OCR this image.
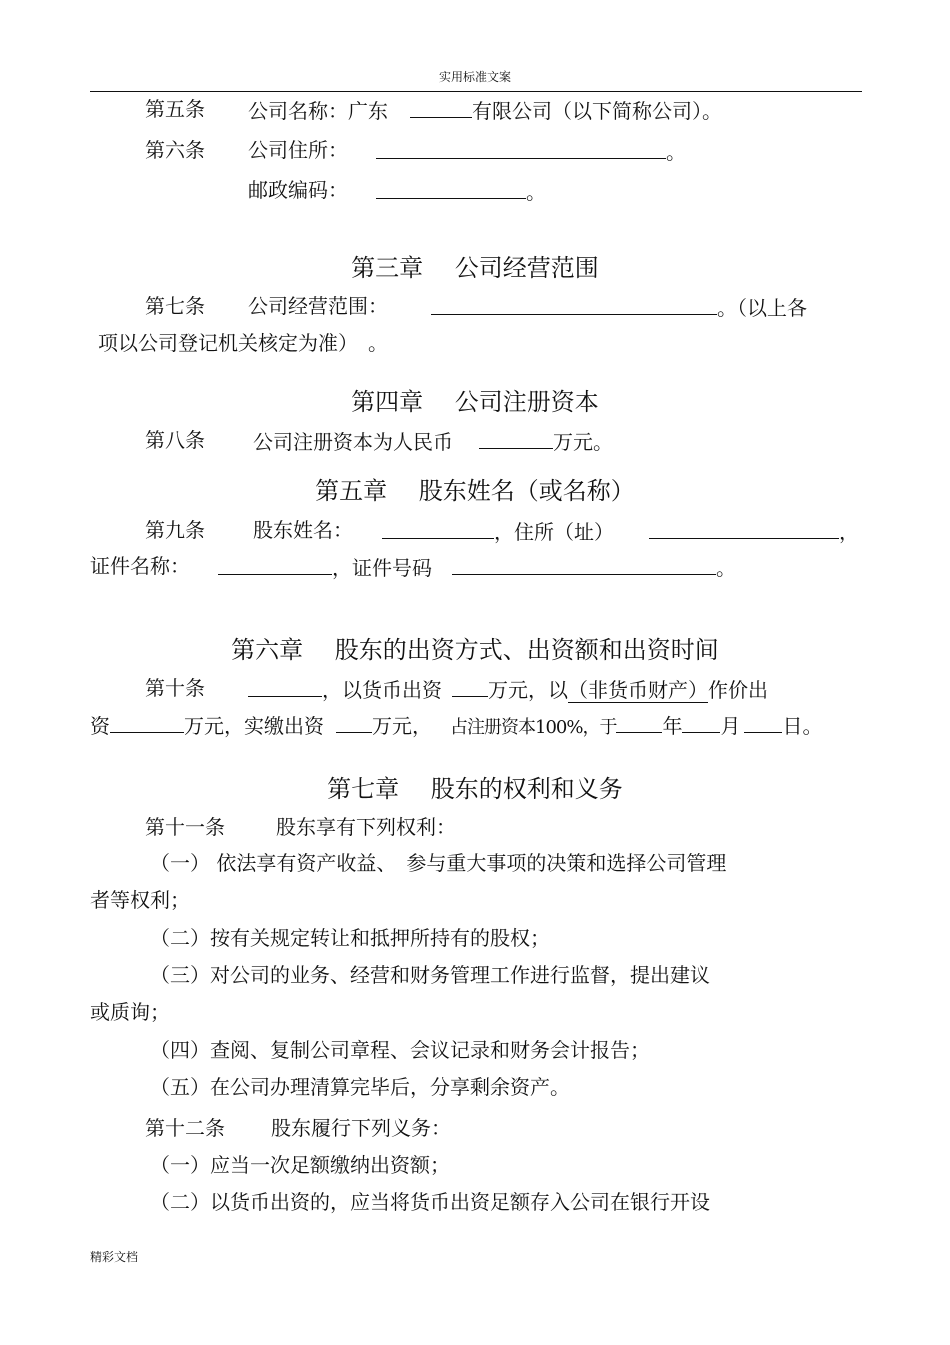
实用标准文案
第五条 公司名称：广东	有限公司（以下简称公司）。
第六条 公司住所：	。
邮政编码：	。
第三章　 公司经营范围
第七条 公司经营范围：	。（以上各
项以公司登记机关核定为准）　。
第四章　 公司注册资本
第八条 公司注册资本为人民币	万元。
第五章　 股东姓名（或名称）
第九条 股东姓名：	，住所（址）	，
证件名称：	，证件号码	。
第六章　 股东的出资方式、出资额和出资时间
第十条	，以货币出资 万元，以（非货币财产）作价出
资	万元，实缴出资 万元， 占注册资本100%，于 年 月 日。
第七章　 股东的权利和义务
第十一条	股东享有下列权利：
（一） 依法享有资产收益、　参与重大事项的决策和选择公司管理
者等权利；
（二）按有关规定转让和抵押所持有的股权；
（三）对公司的业务、经营和财务管理工作进行监督，提出建议
或质询；
（四）查阅、复制公司章程、会议记录和财务会计报告；
（五）在公司办理清算完毕后，分享剩余资产。
第十二条 股东履行下列义务：
（一）应当一次足额缴纳出资额；
（二）以货币出资的，应当将货币出资足额存入公司在银行开设
精彩文档
